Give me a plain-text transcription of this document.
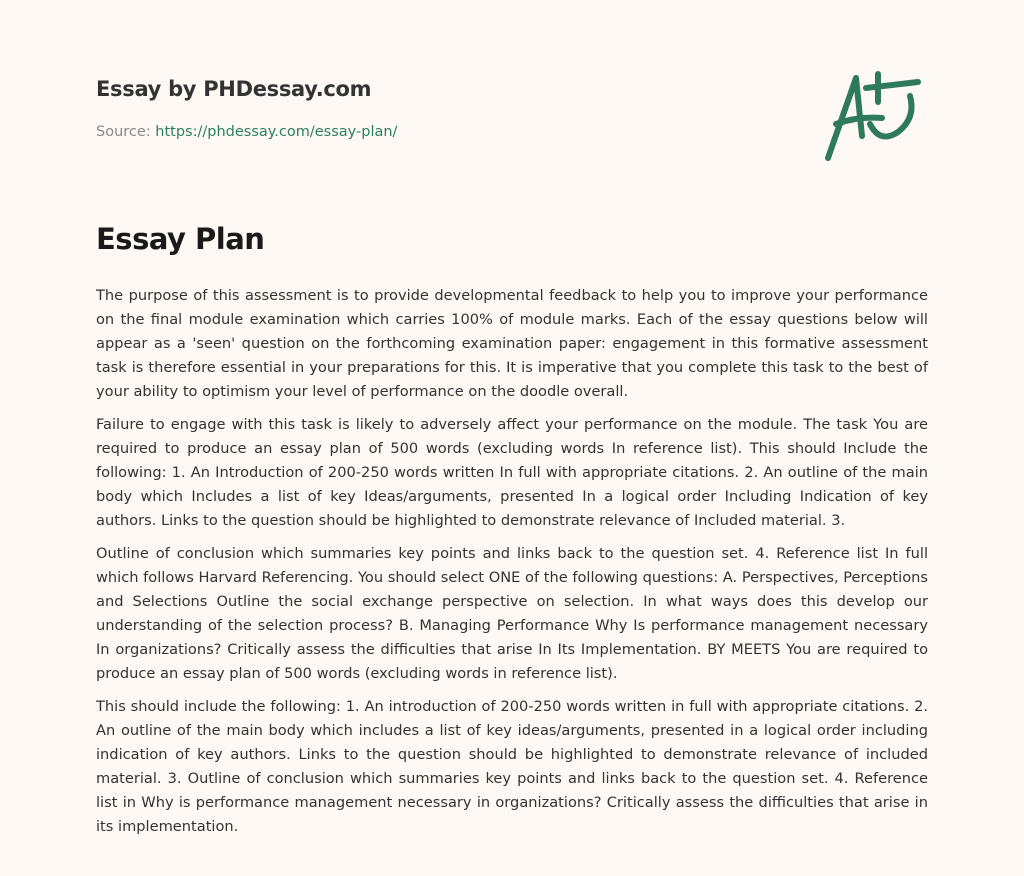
Essay by PHDessay.com
Source: https://phdessay.com/essay-plan/
Essay Plan

The purpose of this assessment is to provide developmental feedback to help you to improve your performance on the final module examination which carries 100% of module marks. Each of the essay questions below will appear as a 'seen' question on the forthcoming examination paper: engagement in this formative assessment task is therefore essential in your preparations for this. It is imperative that you complete this task to the best of your ability to optimism your level of performance on the doodle overall.

Failure to engage with this task is likely to adversely affect your performance on the module. The task You are required to produce an essay plan of 500 words (excluding words In reference list). This should Include the following: 1. An Introduction of 200-250 words written In full with appropriate citations. 2. An outline of the main body which Includes a list of key Ideas/arguments, presented In a logical order Including Indication of key authors. Links to the question should be highlighted to demonstrate relevance of Included material. 3.

Outline of conclusion which summaries key points and links back to the question set. 4. Reference list In full which follows Harvard Referencing. You should select ONE of the following questions: A. Perspectives, Perceptions and Selections Outline the social exchange perspective on selection. In what ways does this develop our understanding of the selection process? B. Managing Performance Why Is performance management necessary In organizations? Critically assess the difficulties that arise In Its Implementation. BY MEETS You are required to produce an essay plan of 500 words (excluding words in reference list).

This should include the following: 1. An introduction of 200-250 words written in full with appropriate citations. 2. An outline of the main body which includes a list of key ideas/arguments, presented in a logical order including indication of key authors. Links to the question should be highlighted to demonstrate relevance of included material. 3. Outline of conclusion which summaries key points and links back to the question set. 4. Reference list in Why is performance management necessary in organizations? Critically assess the difficulties that arise in its implementation.
